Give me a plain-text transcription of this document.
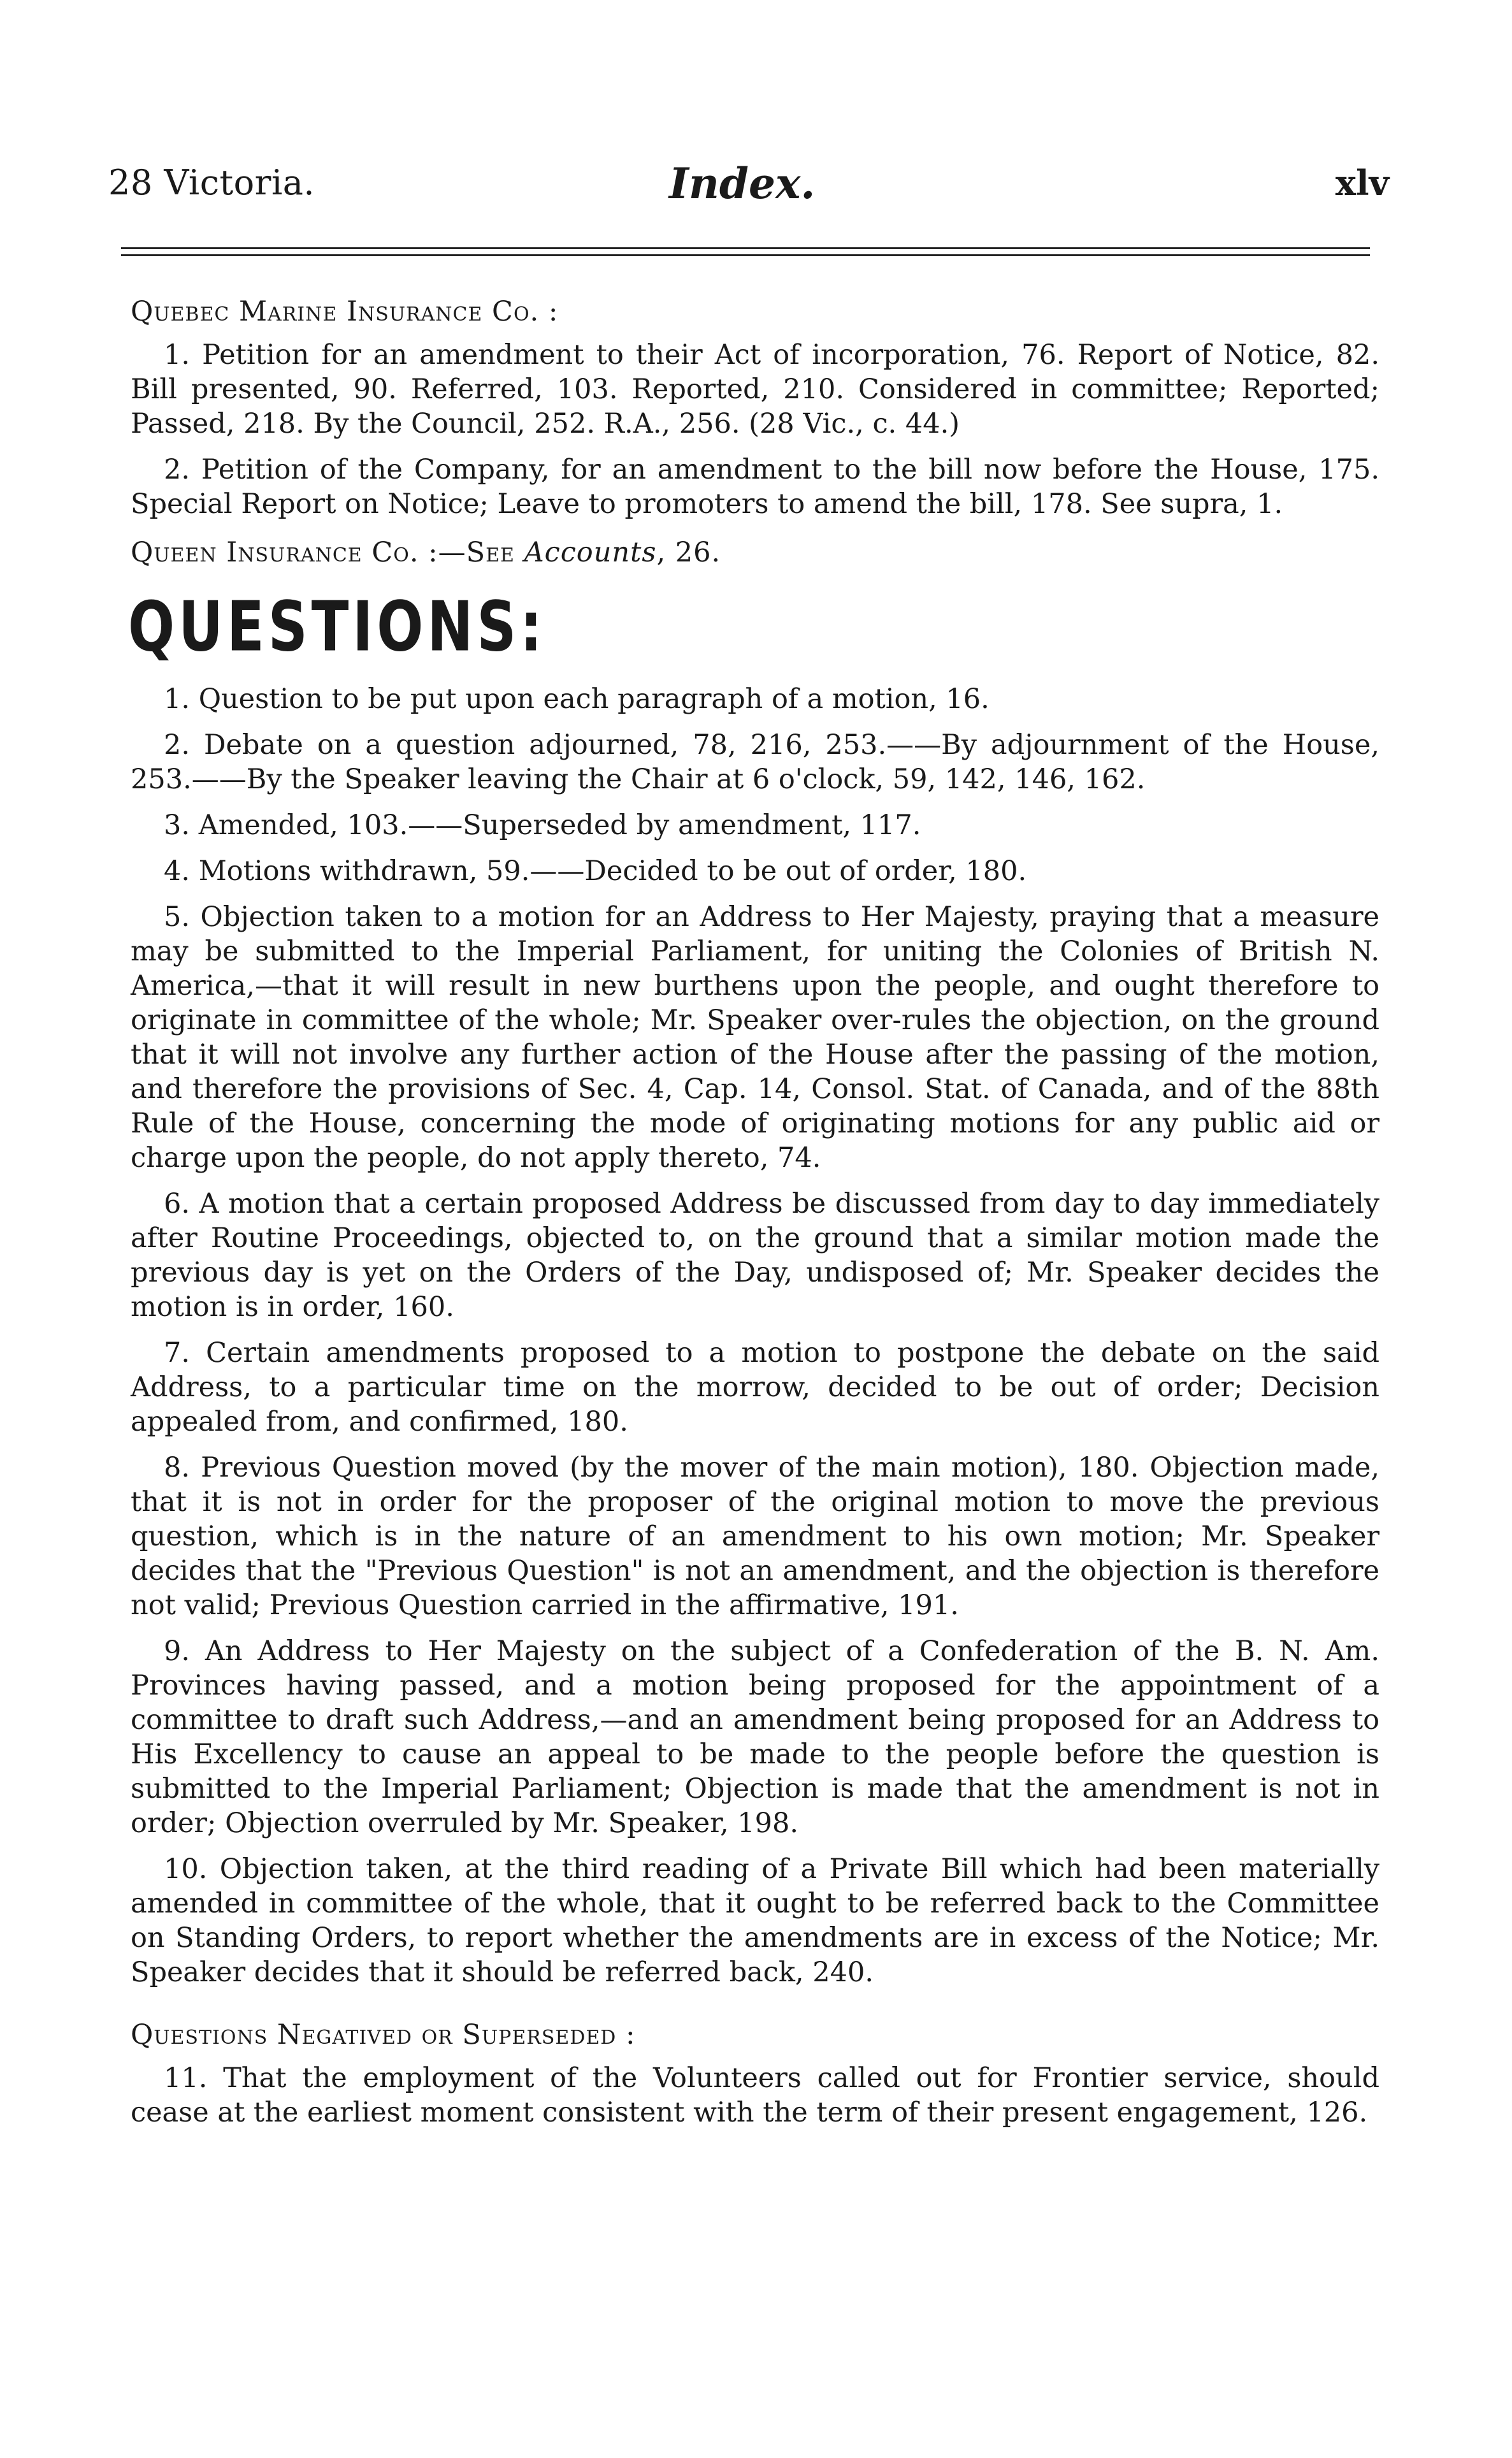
28 Victoria.	Index.	xlv
Quebec Marine Insurance Co. :

1. Petition for an amendment to their Act of incorporation, 76. Report of Notice, 82. Bill presented, 90. Referred, 103. Reported, 210. Considered in committee; Reported; Passed, 218. By the Council, 252. R.A., 256. (28 Vic., c. 44.)

2. Petition of the Company, for an amendment to the bill now before the House, 175. Special Report on Notice; Leave to promoters to amend the bill, 178. See supra, 1.

Queen Insurance Co. :—See Accounts, 26.
QUESTIONS:

1. Question to be put upon each paragraph of a motion, 16.

2. Debate on a question adjourned, 78, 216, 253.——By adjournment of the House, 253.——By the Speaker leaving the Chair at 6 o'clock, 59, 142, 146, 162.

3. Amended, 103.——Superseded by amendment, 117.

4. Motions withdrawn, 59.——Decided to be out of order, 180.

5. Objection taken to a motion for an Address to Her Majesty, praying that a measure may be submitted to the Imperial Parliament, for uniting the Colonies of British N. America,—that it will result in new burthens upon the people, and ought therefore to originate in committee of the whole; Mr. Speaker over-rules the objection, on the ground that it will not involve any further action of the House after the passing of the motion, and therefore the provisions of Sec. 4, Cap. 14, Consol. Stat. of Canada, and of the 88th Rule of the House, concerning the mode of originating motions for any public aid or charge upon the people, do not apply thereto, 74.

6. A motion that a certain proposed Address be discussed from day to day immediately after Routine Proceedings, objected to, on the ground that a similar motion made the previous day is yet on the Orders of the Day, undisposed of; Mr. Speaker decides the motion is in order, 160.

7. Certain amendments proposed to a motion to postpone the debate on the said Address, to a particular time on the morrow, decided to be out of order; Decision appealed from, and confirmed, 180.

8. Previous Question moved (by the mover of the main motion), 180. Objection made, that it is not in order for the proposer of the original motion to move the previous question, which is in the nature of an amendment to his own motion; Mr. Speaker decides that the "Previous Question" is not an amendment, and the objection is therefore not valid; Previous Question carried in the affirmative, 191.

9. An Address to Her Majesty on the subject of a Confederation of the B. N. Am. Provinces having passed, and a motion being proposed for the appointment of a committee to draft such Address,—and an amendment being proposed for an Address to His Excellency to cause an appeal to be made to the people before the question is submitted to the Imperial Parliament; Objection is made that the amendment is not in order; Objection overruled by Mr. Speaker, 198.

10. Objection taken, at the third reading of a Private Bill which had been materially amended in committee of the whole, that it ought to be referred back to the Committee on Standing Orders, to report whether the amendments are in excess of the Notice; Mr. Speaker decides that it should be referred back, 240.

Questions Negatived or Superseded :

11. That the employment of the Volunteers called out for Frontier service, should cease at the earliest moment consistent with the term of their present engagement, 126.
